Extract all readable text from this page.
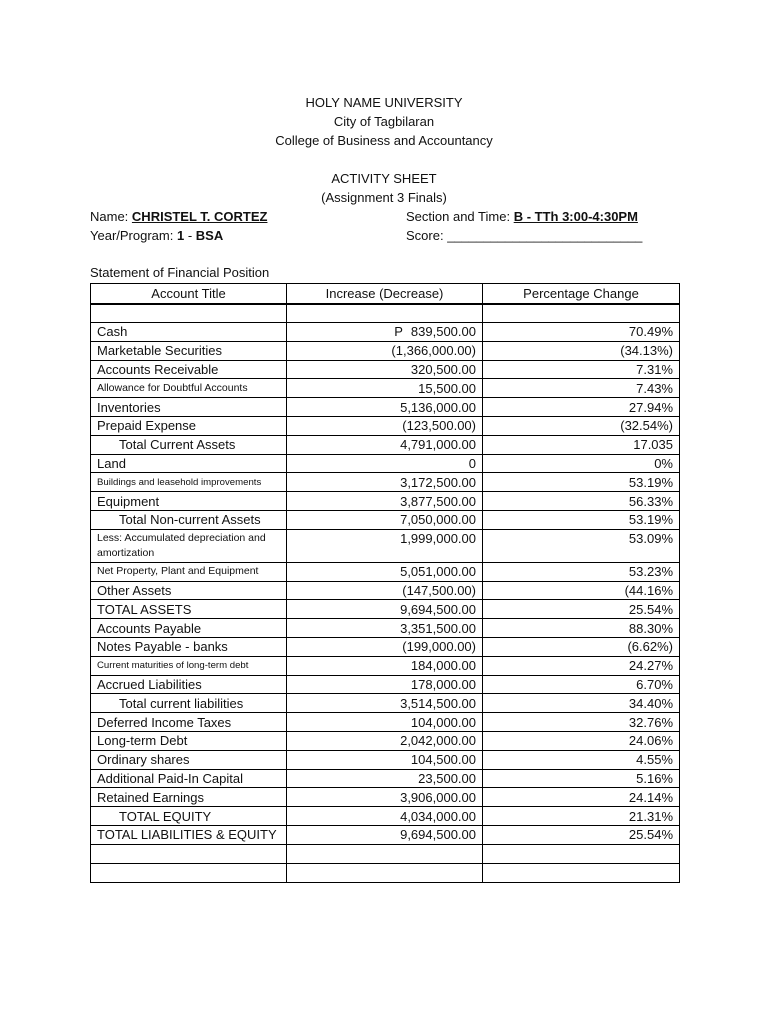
HOLY NAME UNIVERSITY
City of Tagbilaran
College of Business and Accountancy
ACTIVITY SHEET
(Assignment 3 Finals)
Name: CHRISTEL T. CORTEZ
Year/Program: 1 - BSA
Section and Time: B - TTh 3:00-4:30PM
Score: ___________________________
Statement of Financial Position
Account Title	Increase (Decrease)	Percentage Change

Cash	P 839,500.00	70.49%
Marketable Securities	(1,366,000.00)	(34.13%)
Accounts Receivable	320,500.00	7.31%
Allowance for Doubtful Accounts	15,500.00	7.43%
Inventories	5,136,000.00	27.94%
Prepaid Expense	(123,500.00)	(32.54%)
Total Current Assets	4,791,000.00	17.035
Land	0	0%
Buildings and leasehold improvements	3,172,500.00	53.19%
Equipment	3,877,500.00	56.33%
Total Non-current Assets	7,050,000.00	53.19%
Less: Accumulated depreciation and amortization	1,999,000.00	53.09%
Net Property, Plant and Equipment	5,051,000.00	53.23%
Other Assets	(147,500.00)	(44.16%
TOTAL ASSETS	9,694,500.00	25.54%
Accounts Payable	3,351,500.00	88.30%
Notes Payable - banks	(199,000.00)	(6.62%)
Current maturities of long-term debt	184,000.00	24.27%
Accrued Liabilities	178,000.00	6.70%
Total current liabilities	3,514,500.00	34.40%
Deferred Income Taxes	104,000.00	32.76%
Long-term Debt	2,042,000.00	24.06%
Ordinary shares	104,500.00	4.55%
Additional Paid-In Capital	23,500.00	5.16%
Retained Earnings	3,906,000.00	24.14%
TOTAL EQUITY	4,034,000.00	21.31%
TOTAL LIABILITIES & EQUITY	9,694,500.00	25.54%
